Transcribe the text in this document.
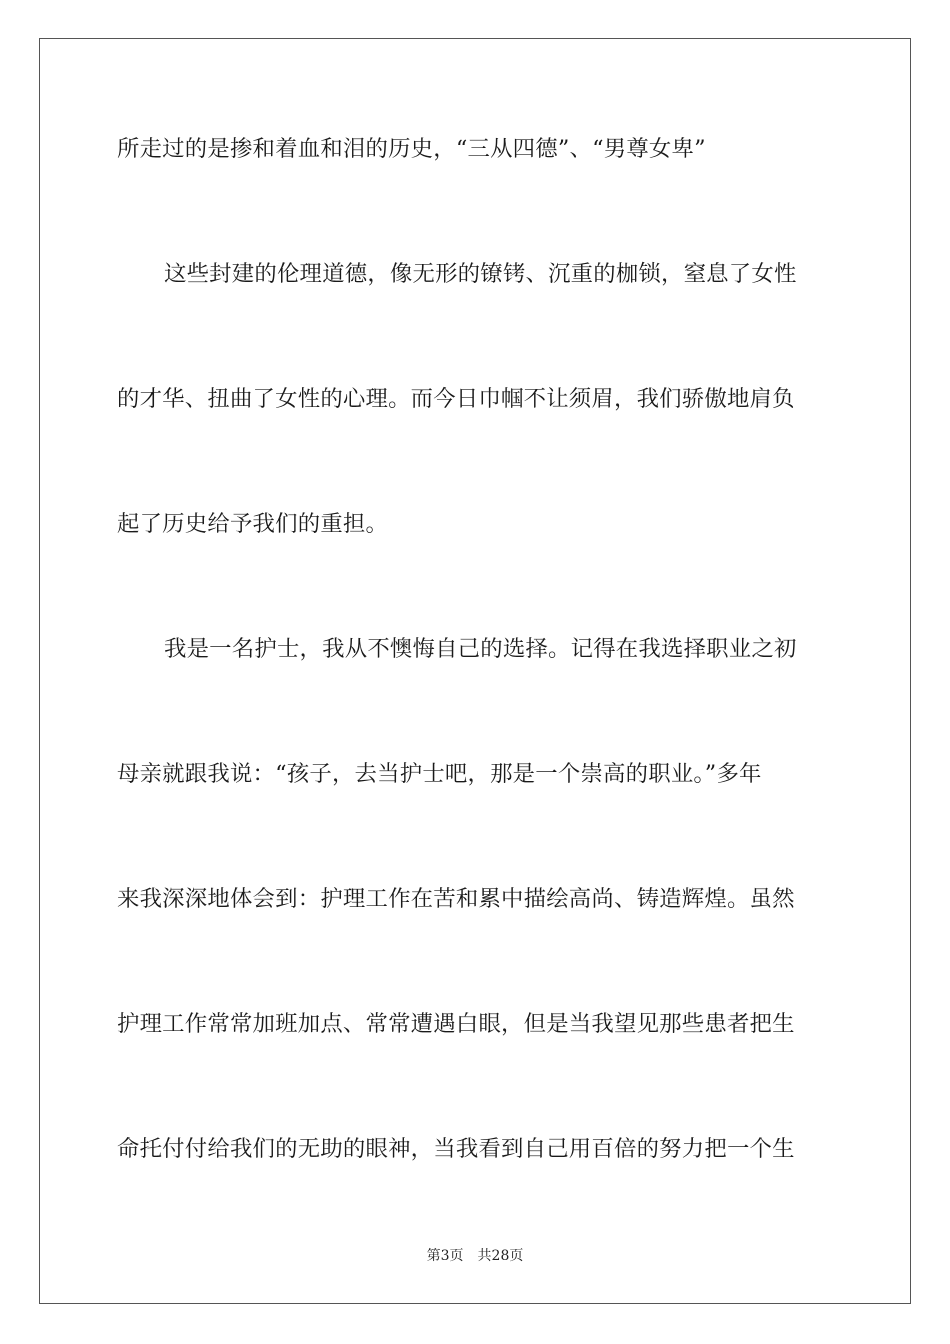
所走过的是掺和着血和泪的历史，“三从四德”、“男尊女卑”
这些封建的伦理道德，像无形的镣铐、沉重的枷锁，窒息了女性
的才华、扭曲了女性的心理。而今日巾帼不让须眉，我们骄傲地肩负
起了历史给予我们的重担。
我是一名护士，我从不懊悔自己的选择。记得在我选择职业之初
母亲就跟我说：“孩子，去当护士吧，那是一个崇高的职业。”多年
来我深深地体会到：护理工作在苦和累中描绘高尚、铸造辉煌。虽然
护理工作常常加班加点、常常遭遇白眼，但是当我望见那些患者把生
命托付付给我们的无助的眼神，当我看到自己用百倍的努力把一个生
第3页 共28页
